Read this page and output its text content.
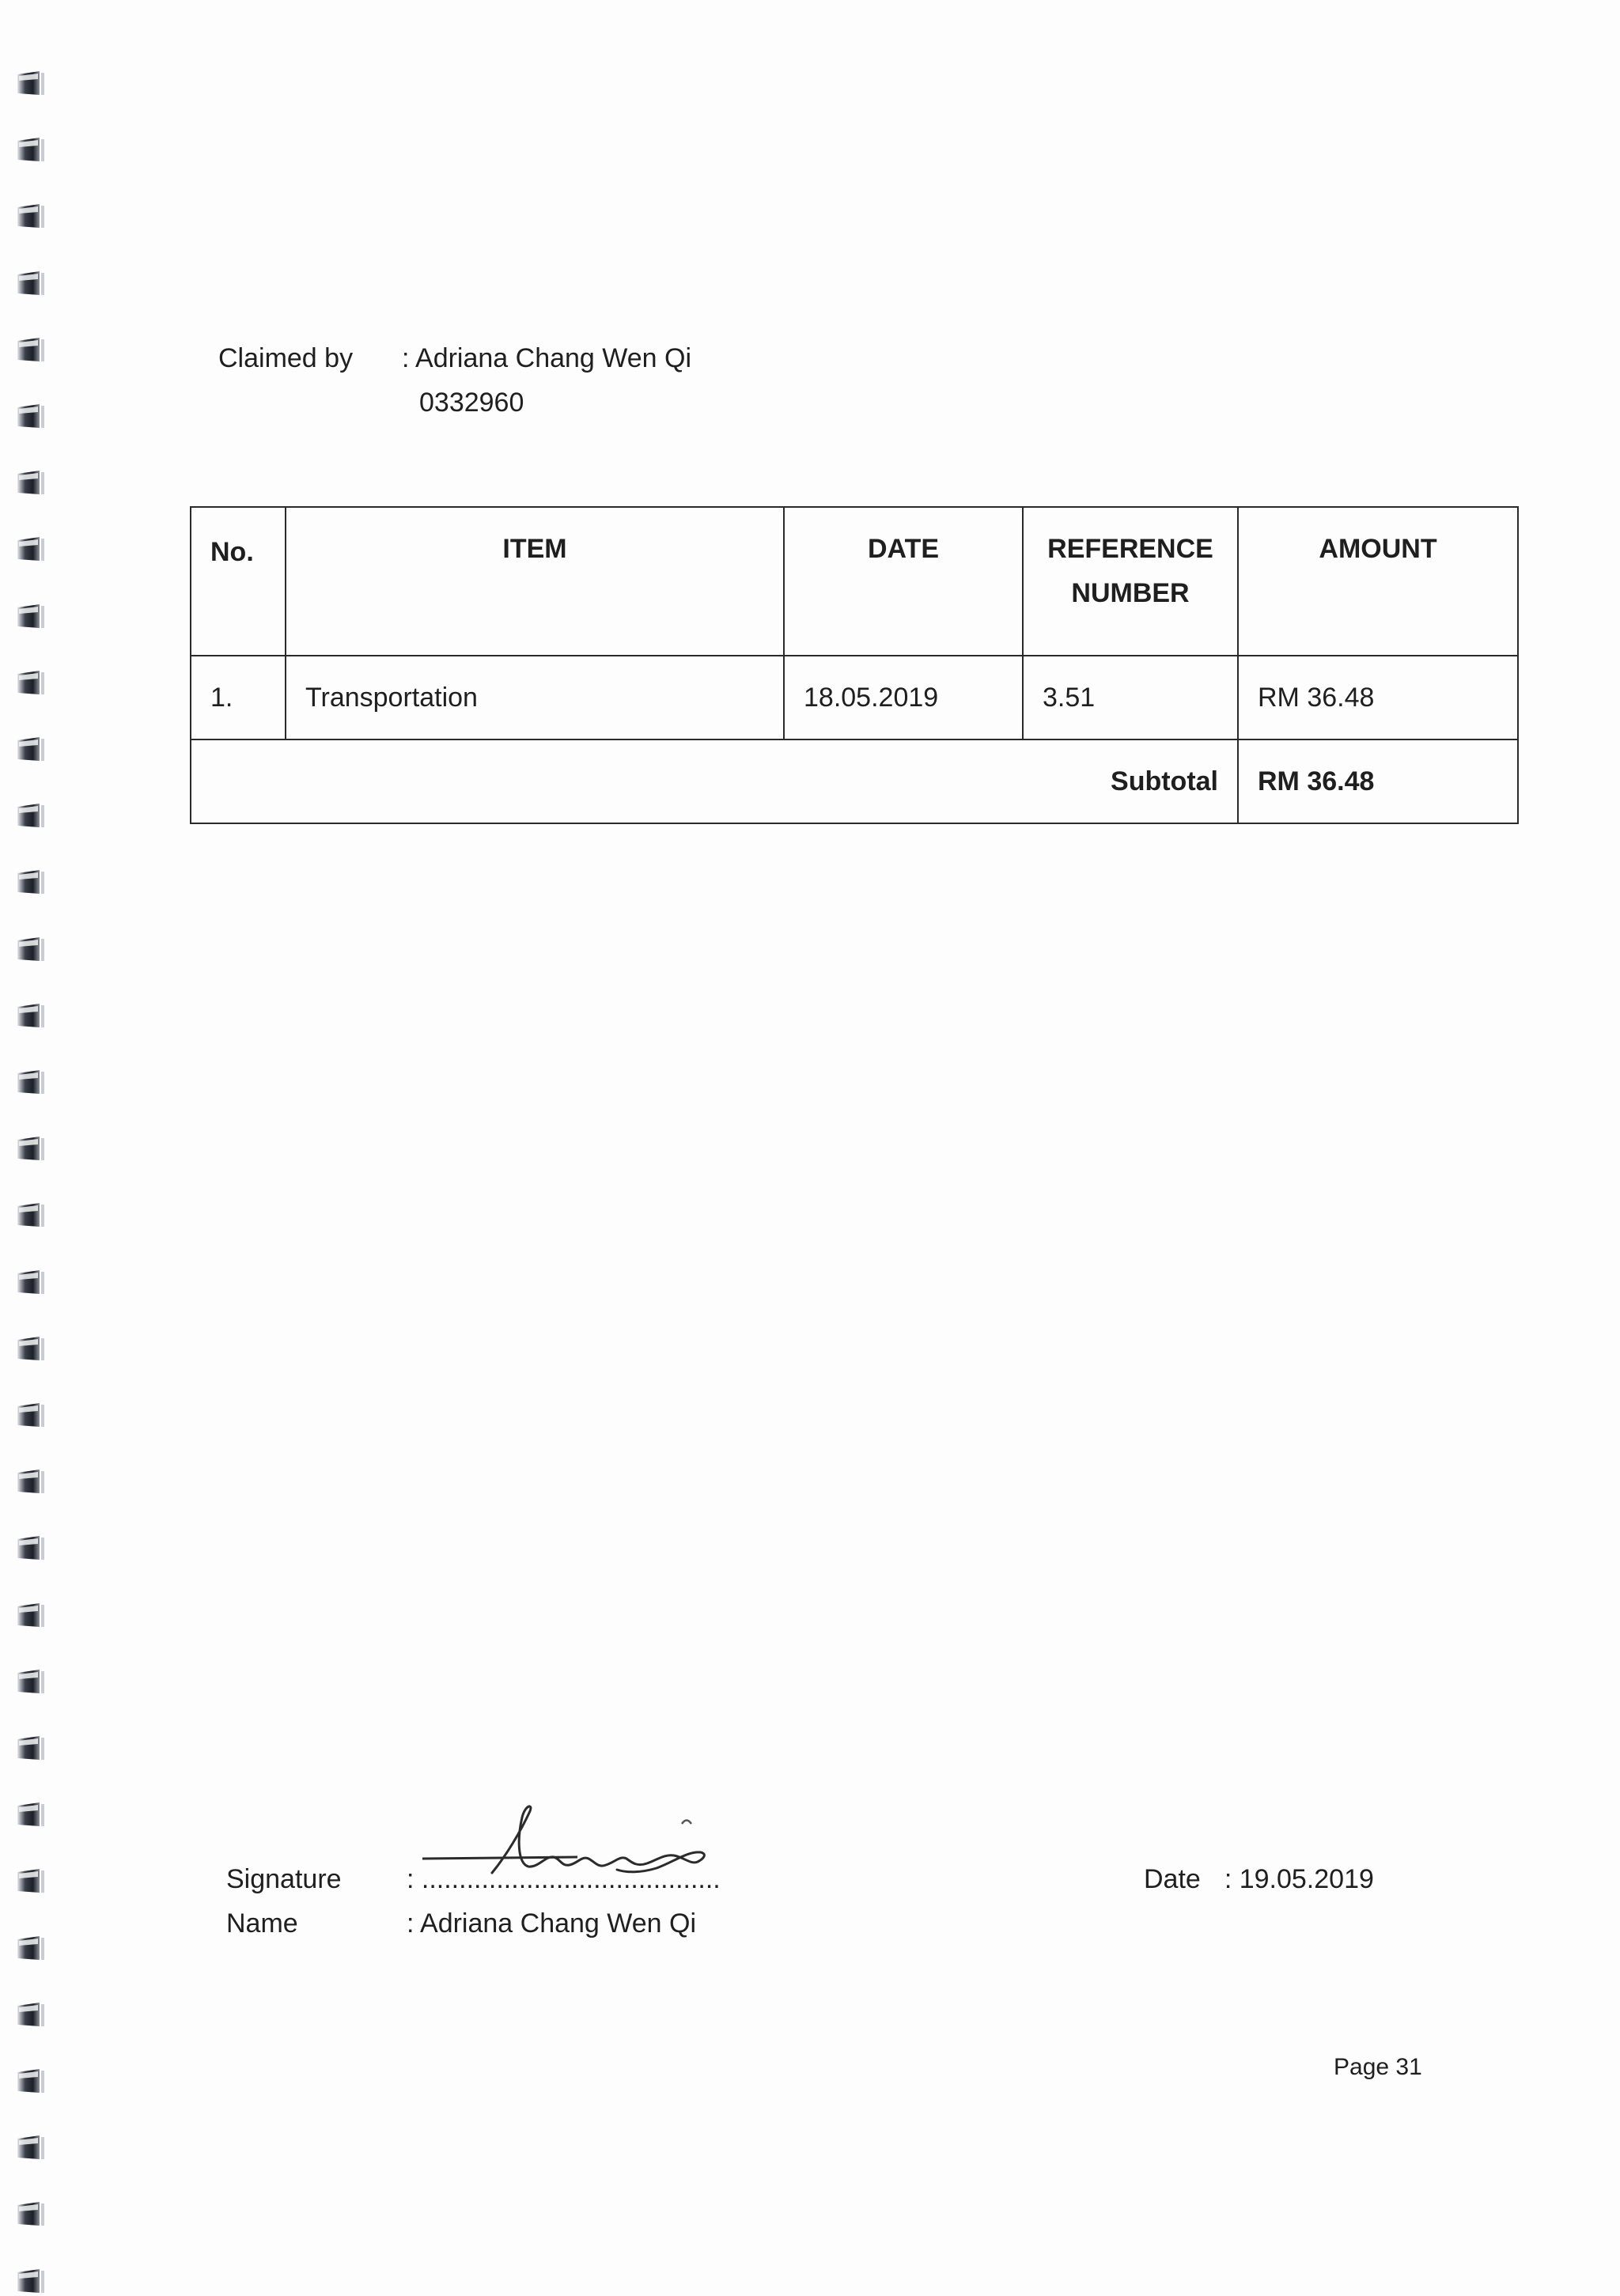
Claimed by : Adriana Chang Wen Qi
0332960
No.	ITEM	DATE	REFERENCE NUMBER	AMOUNT
1.	Transportation	18.05.2019	3.51	RM 36.48
Subtotal				RM 36.48
Signature : ........................................
Name	: Adriana Chang Wen Qi
Date : 19.05.2019
Page 31
